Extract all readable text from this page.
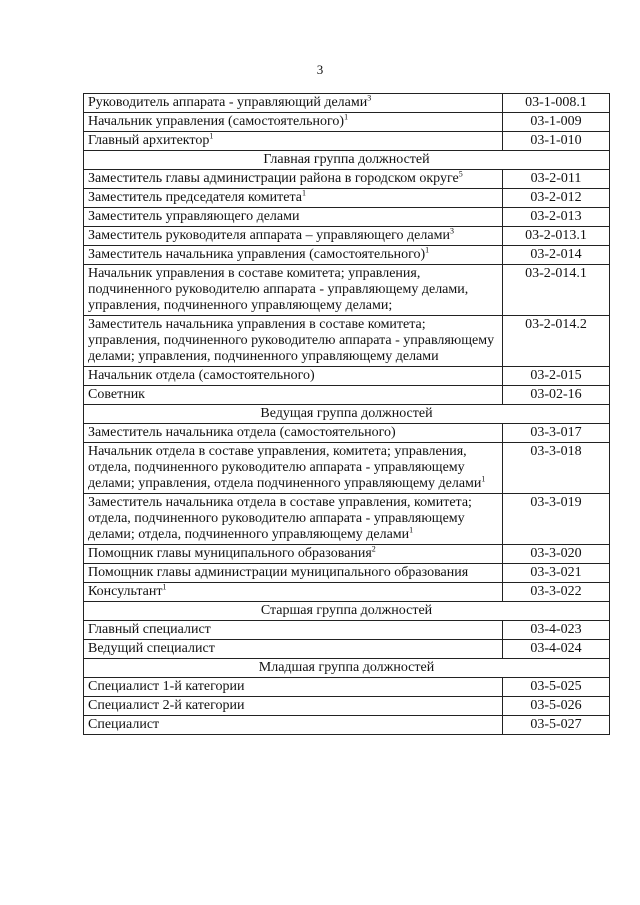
3
Руководитель аппарата - управляющий делами$^3$	03-1-008.1
Начальник управления (самостоятельного)$^1$	03-1-009
Главный архитектор$^1$	03-1-010
Главная группа должностей	
Заместитель главы администрации района в городском округе$^5$	03-2-011
Заместитель председателя комитета$^1$	03-2-012
Заместитель управляющего делами	03-2-013
Заместитель руководителя аппарата – управляющего делами$^3$	03-2-013.1
Заместитель начальника управления (самостоятельного)$^1$	03-2-014
Начальник управления в составе комитета; управления, подчиненного руководителю аппарата - управляющему делами, управления, подчиненного управляющему делами;	03-2-014.1
Заместитель начальника управления в составе комитета; управления, подчиненного руководителю аппарата - управляющему делами; управления, подчиненного управляющему делами	03-2-014.2
Начальник отдела (самостоятельного)	03-2-015
Советник	03-02-16
Ведущая группа должностей	
Заместитель начальника отдела (самостоятельного)	03-3-017
Начальник отдела в составе управления, комитета; управления, отдела, подчиненного руководителю аппарата - управляющему делами; управления, отдела подчиненного управляющему делами$^1$	03-3-018
Заместитель начальника отдела в составе управления, комитета; отдела, подчиненного руководителю аппарата - управляющему делами; отдела, подчиненного управляющему делами$^1$	03-3-019
Помощник главы муниципального образования$^2$	03-3-020
Помощник главы администрации муниципального образования	03-3-021
Консультант$^1$	03-3-022
Старшая группа должностей	
Главный специалист	03-4-023
Ведущий специалист	03-4-024
Младшая группа должностей	
Специалист 1-й категории	03-5-025
Специалист 2-й категории	03-5-026
Специалист	03-5-027
